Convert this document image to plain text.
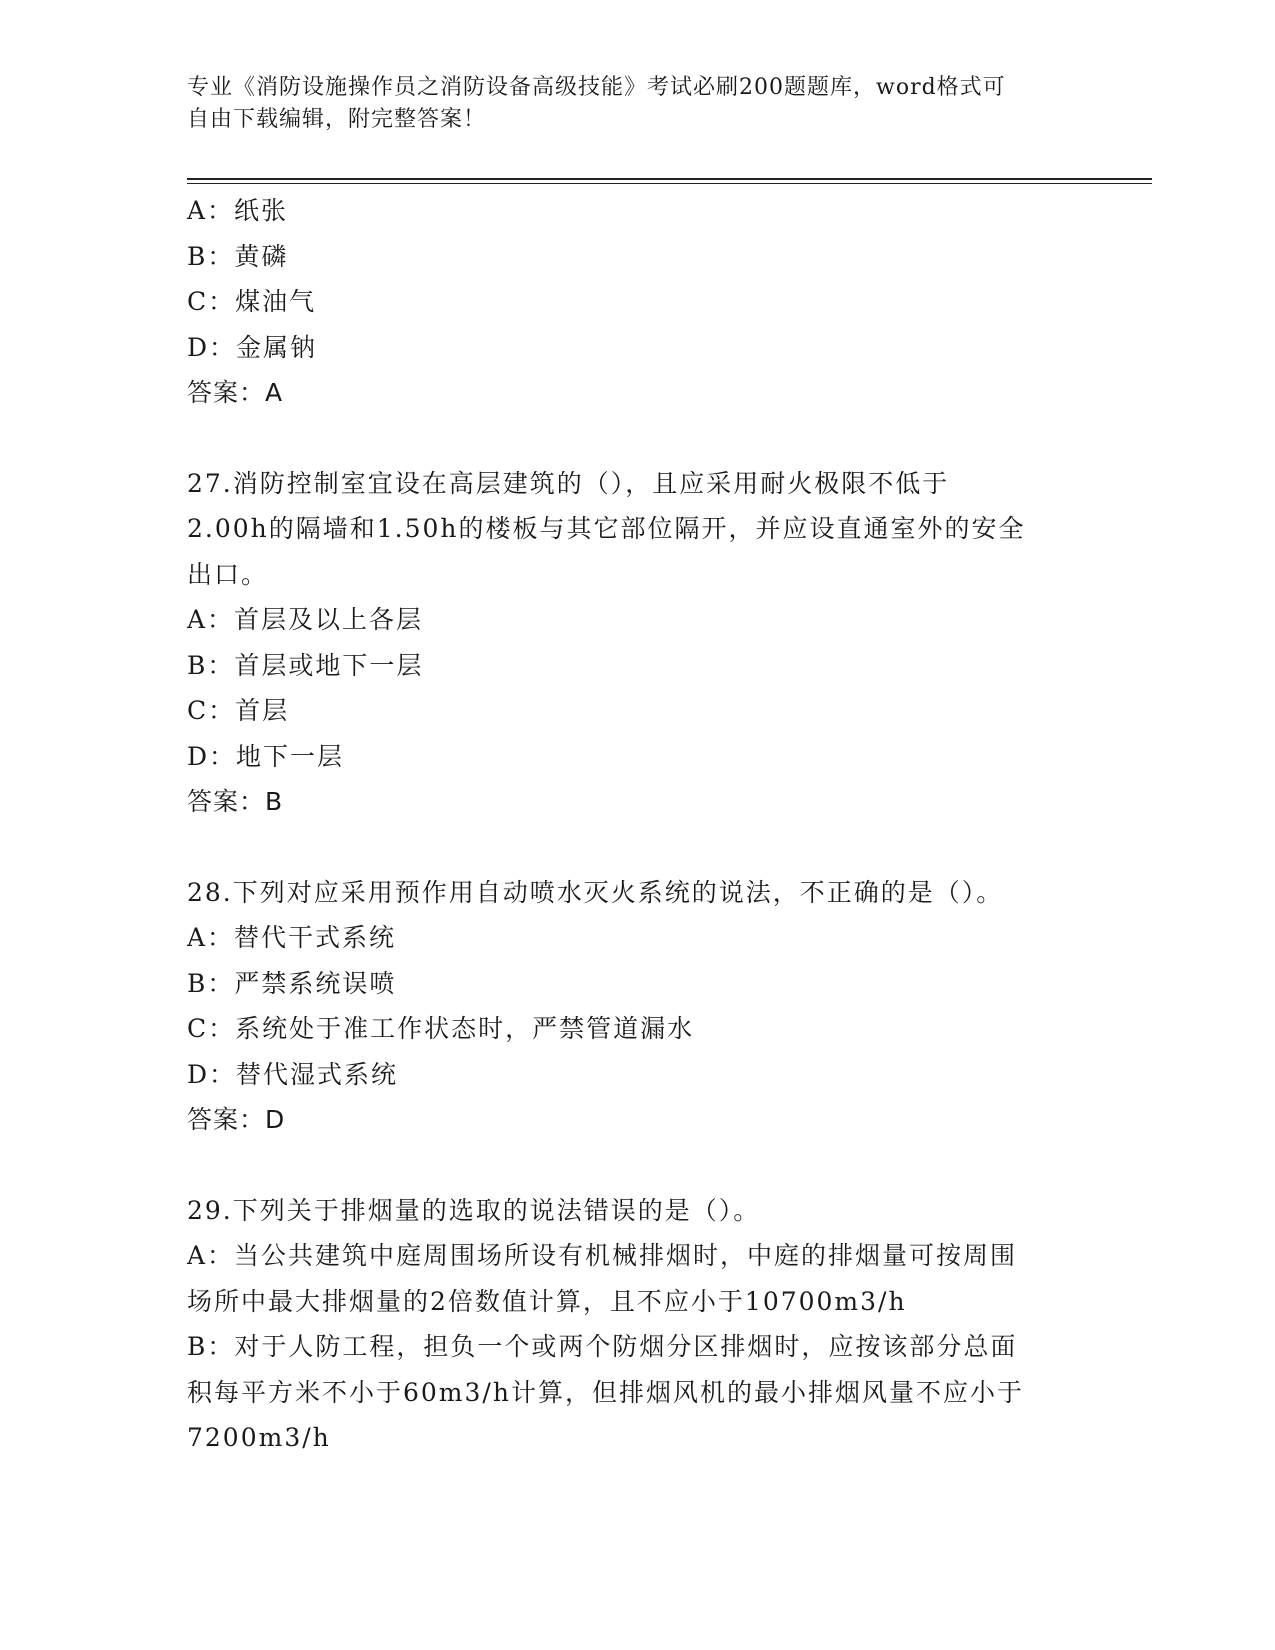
专业《消防设施操作员之消防设备高级技能》考试必刷200题题库，word格式可
自由下载编辑，附完整答案！
A：纸张
B：黄磷
C：煤油气
D：金属钠
答案：A
27.消防控制室宜设在高层建筑的（），且应采用耐火极限不低于
2.00h的隔墙和1.50h的楼板与其它部位隔开，并应设直通室外的安全
出口。
A：首层及以上各层
B：首层或地下一层
C：首层
D：地下一层
答案：B
28.下列对应采用预作用自动喷水灭火系统的说法，不正确的是（）。
A：替代干式系统
B：严禁系统误喷
C：系统处于准工作状态时，严禁管道漏水
D：替代湿式系统
答案：D
29.下列关于排烟量的选取的说法错误的是（）。
A：当公共建筑中庭周围场所设有机械排烟时，中庭的排烟量可按周围
场所中最大排烟量的2倍数值计算，且不应小于10700m3/h
B：对于人防工程，担负一个或两个防烟分区排烟时，应按该部分总面
积每平方米不小于60m3/h计算，但排烟风机的最小排烟风量不应小于
7200m3/h
